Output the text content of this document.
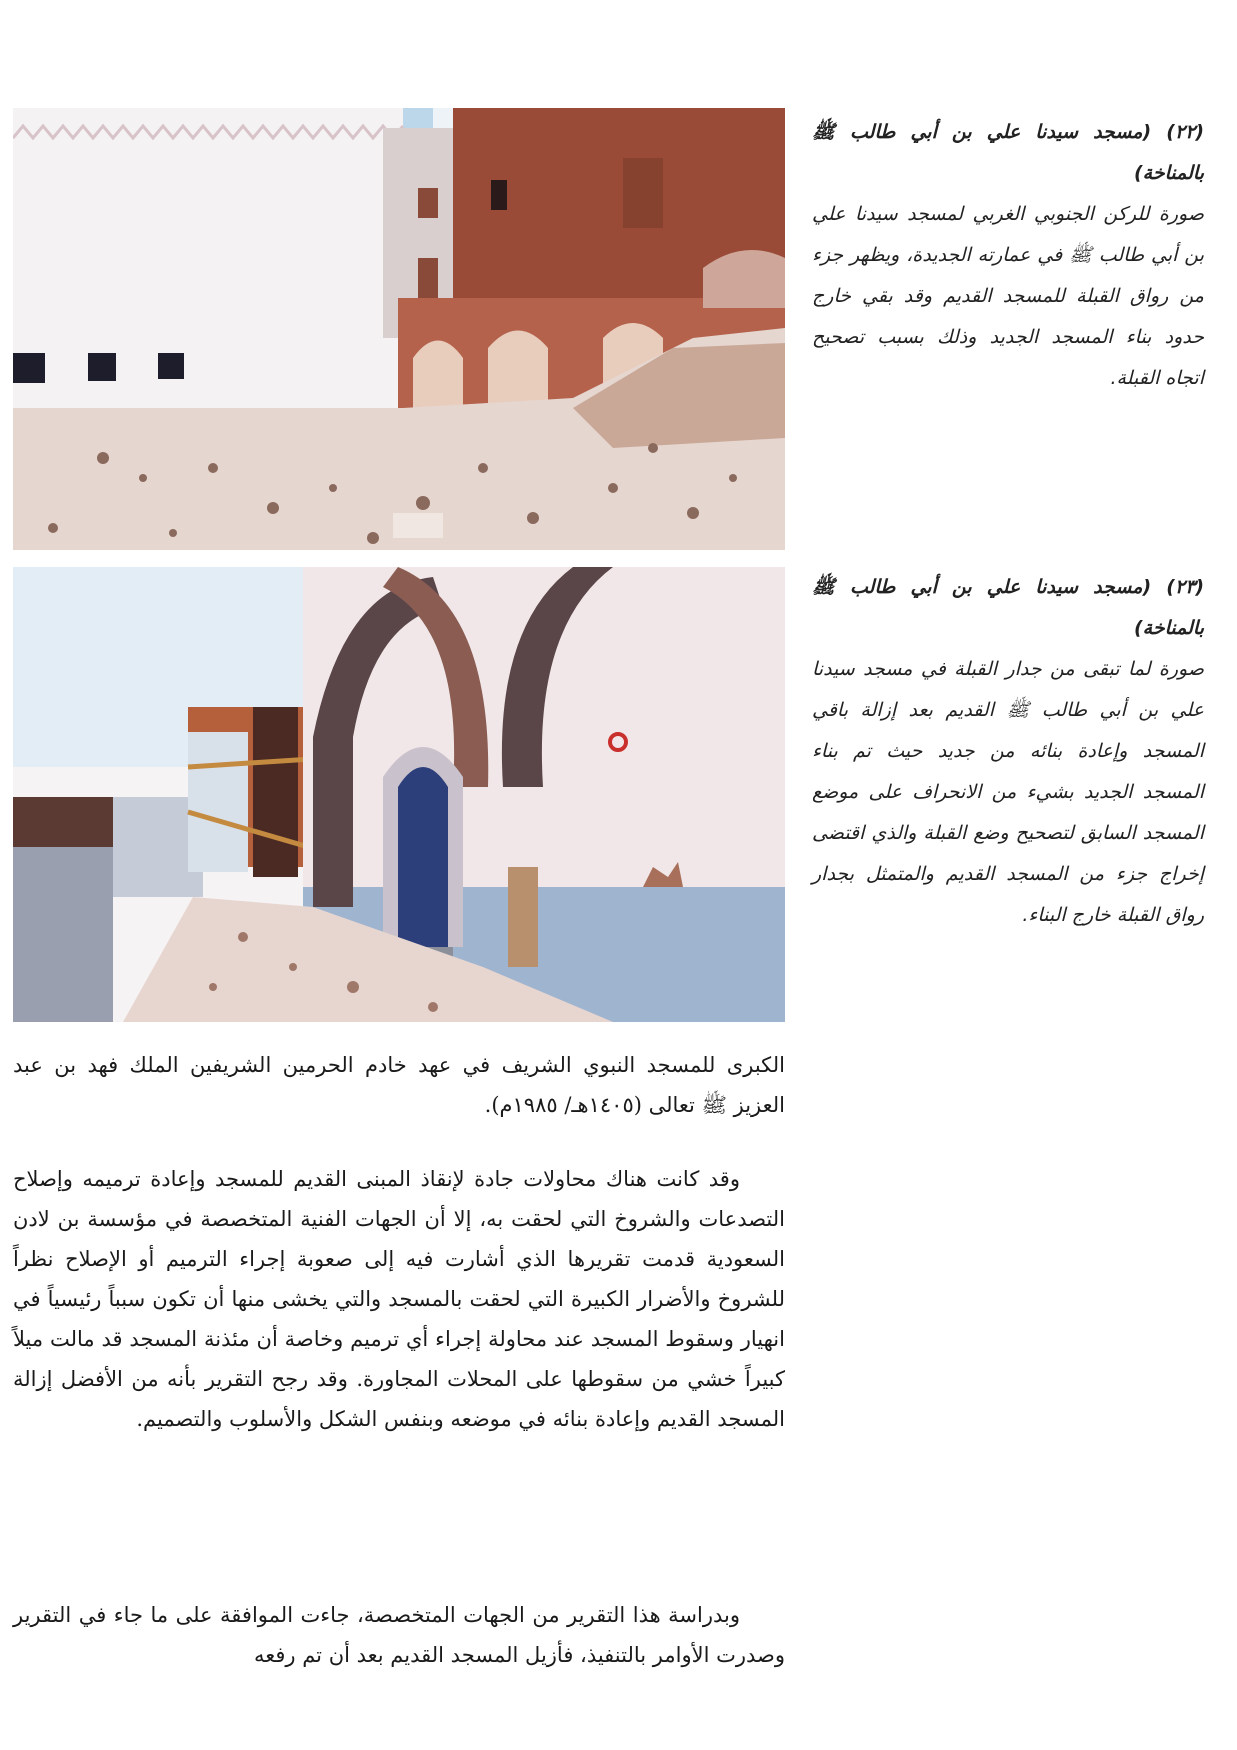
(٢٢) (مسجد سيدنا علي بن أبي طالب ﷺ بالمناخة)
صورة للركن الجنوبي الغربي لمسجد سيدنا علي بن أبي طالب ﷺ في عمارته الجديدة، ويظهر جزء من رواق القبلة للمسجد القديم وقد بقي خارج حدود بناء المسجد الجديد وذلك بسبب تصحيح اتجاه القبلة.
(٢٣) (مسجد سيدنا علي بن أبي طالب ﷺ بالمناخة)
صورة لما تبقى من جدار القبلة في مسجد سيدنا علي بن أبي طالب ﷺ القديم بعد إزالة باقي المسجد وإعادة بنائه من جديد حيث تم بناء المسجد الجديد بشيء من الانحراف على موضع المسجد السابق لتصحيح وضع القبلة والذي اقتضى إخراج جزء من المسجد القديم والمتمثل بجدار رواق القبلة خارج البناء.

الكبرى للمسجد النبوي الشريف في عهد خادم الحرمين الشريفين الملك فهد بن عبد العزيز ﷺ تعالى (١٤٠٥هـ/ ١٩٨٥م).

وقد كانت هناك محاولات جادة لإنقاذ المبنى القديم للمسجد وإعادة ترميمه وإصلاح التصدعات والشروخ التي لحقت به، إلا أن الجهات الفنية المتخصصة في مؤسسة بن لادن السعودية قدمت تقريرها الذي أشارت فيه إلى صعوبة إجراء الترميم أو الإصلاح نظراً للشروخ والأضرار الكبيرة التي لحقت بالمسجد والتي يخشى منها أن تكون سبباً رئيسياً في انهيار وسقوط المسجد عند محاولة إجراء أي ترميم وخاصة أن مئذنة المسجد قد مالت ميلاً كبيراً خشي من سقوطها على المحلات المجاورة. وقد رجح التقرير بأنه من الأفضل إزالة المسجد القديم وإعادة بنائه في موضعه وبنفس الشكل والأسلوب والتصميم.

وبدراسة هذا التقرير من الجهات المتخصصة، جاءت الموافقة على ما جاء في التقرير وصدرت الأوامر بالتنفيذ، فأزيل المسجد القديم بعد أن تم رفعه
